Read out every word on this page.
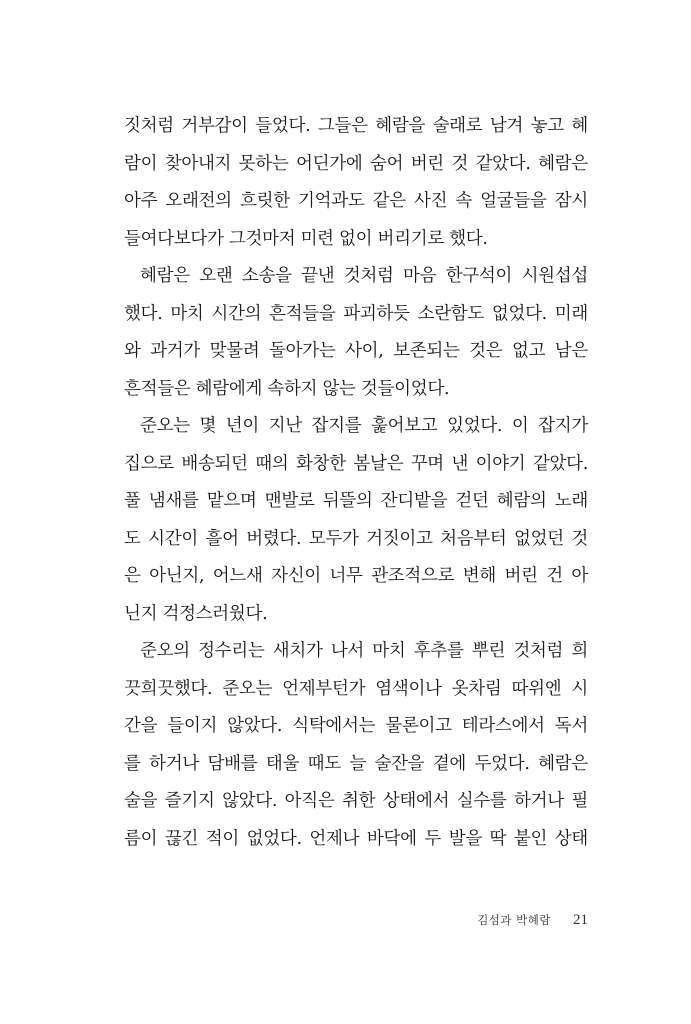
짓처럼 거부감이 들었다. 그들은 혜람을 술래로 남겨 놓고 혜
람이 찾아내지 못하는 어딘가에 숨어 버린 것 같았다. 혜람은
아주 오래전의 흐릿한 기억과도 같은 사진 속 얼굴들을 잠시
들여다보다가 그것마저 미련 없이 버리기로 했다.
혜람은 오랜 소송을 끝낸 것처럼 마음 한구석이 시원섭섭
했다. 마치 시간의 흔적들을 파괴하듯 소란함도 없었다. 미래
와 과거가 맞물려 돌아가는 사이, 보존되는 것은 없고 남은
흔적들은 혜람에게 속하지 않는 것들이었다.
준오는 몇 년이 지난 잡지를 훑어보고 있었다. 이 잡지가
집으로 배송되던 때의 화창한 봄날은 꾸며 낸 이야기 같았다.
풀 냄새를 맡으며 맨발로 뒤뜰의 잔디밭을 걷던 혜람의 노래
도 시간이 흘어 버렸다. 모두가 거짓이고 처음부터 없었던 것
은 아닌지, 어느새 자신이 너무 관조적으로 변해 버린 건 아
닌지 걱정스러웠다.
준오의 정수리는 새치가 나서 마치 후추를 뿌린 것처럼 희
끗희끗했다. 준오는 언제부턴가 염색이나 옷차림 따위엔 시
간을 들이지 않았다. 식탁에서는 물론이고 테라스에서 독서
를 하거나 담배를 태울 때도 늘 술잔을 곁에 두었다. 혜람은
술을 즐기지 않았다. 아직은 취한 상태에서 실수를 하거나 필
름이 끊긴 적이 없었다. 언제나 바닥에 두 발을 딱 붙인 상태
김섬과 박혜람 21
